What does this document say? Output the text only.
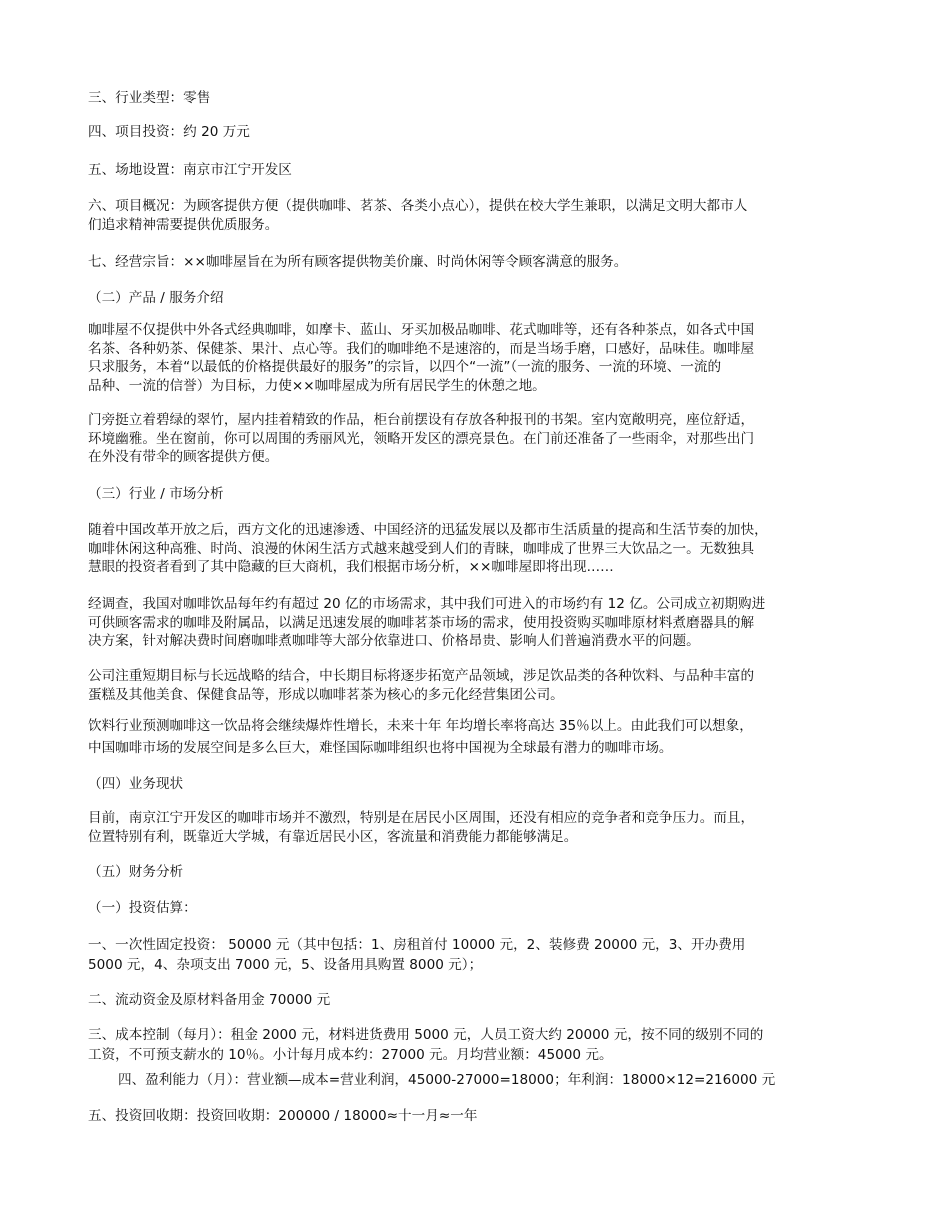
三、行业类型：零售
四、项目投资：约 20 万元
五、场地设置：南京市江宁开发区
六、项目概况：为顾客提供方便（提供咖啡、茗茶、各类小点心），提供在校大学生兼职，以满足文明大都市人
们追求精神需要提供优质服务。
七、经营宗旨：××咖啡屋旨在为所有顾客提供物美价廉、时尚休闲等令顾客满意的服务。
（二）产品 / 服务介绍
咖啡屋不仅提供中外各式经典咖啡，如摩卡、蓝山、牙买加极品咖啡、花式咖啡等，还有各种茶点，如各式中国
名茶、各种奶茶、保健茶、果汁、点心等。我们的咖啡绝不是速溶的，而是当场手磨，口感好，品味佳。咖啡屋
只求服务，本着“以最低的价格提供最好的服务”的宗旨，以四个“一流”（一流的服务、一流的环境、一流的
品种、一流的信誉）为目标，力使××咖啡屋成为所有居民学生的休憩之地。
门旁挺立着碧绿的翠竹，屋内挂着精致的作品，柜台前摆设有存放各种报刊的书架。室内宽敞明亮，座位舒适，
环境幽雅。坐在窗前，你可以周围的秀丽风光，领略开发区的漂亮景色。在门前还准备了一些雨伞，对那些出门
在外没有带伞的顾客提供方便。
（三）行业 / 市场分析
随着中国改革开放之后，西方文化的迅速渗透、中国经济的迅猛发展以及都市生活质量的提高和生活节奏的加快，
咖啡休闲这种高雅、时尚、浪漫的休闲生活方式越来越受到人们的青睐，咖啡成了世界三大饮品之一。无数独具
慧眼的投资者看到了其中隐藏的巨大商机，我们根据市场分析，××咖啡屋即将出现……
经调查，我国对咖啡饮品每年约有超过 20 亿的市场需求，其中我们可进入的市场约有 12 亿。公司成立初期购进
可供顾客需求的咖啡及附属品，以满足迅速发展的咖啡茗茶市场的需求，使用投资购买咖啡原材料煮磨器具的解
决方案，针对解决费时间磨咖啡煮咖啡等大部分依靠进口、价格昂贵、影响人们普遍消费水平的问题。
公司注重短期目标与长远战略的结合，中长期目标将逐步拓宽产品领域，涉足饮品类的各种饮料、与品种丰富的
蛋糕及其他美食、保健食品等，形成以咖啡茗茶为核心的多元化经营集团公司。
饮料行业预测咖啡这一饮品将会继续爆炸性增长，未来十年 年均增长率将高达 35％以上。由此我们可以想象，
中国咖啡市场的发展空间是多么巨大，难怪国际咖啡组织也将中国视为全球最有潜力的咖啡市场。
（四）业务现状
目前，南京江宁开发区的咖啡市场并不激烈，特别是在居民小区周围，还没有相应的竞争者和竞争压力。而且，
位置特别有利，既靠近大学城，有靠近居民小区，客流量和消费能力都能够满足。
（五）财务分析
（一）投资估算：
一、一次性固定投资： 50000 元（其中包括：1、房租首付 10000 元，2、装修费 20000 元，3、开办费用
5000 元，4、杂项支出 7000 元，5、设备用具购置 8000 元）；
二、流动资金及原材料备用金 70000 元
三、成本控制（每月）：租金 2000 元，材料进货费用 5000 元，人员工资大约 20000 元，按不同的级别不同的
工资，不可预支薪水的 10％。小计每月成本约：27000 元。月均营业额：45000 元。
四、盈利能力（月）：营业额—成本=营业利润，45000-27000=18000；年利润：18000×12=216000 元
五、投资回收期：投资回收期：200000 / 18000≈十一月≈一年
